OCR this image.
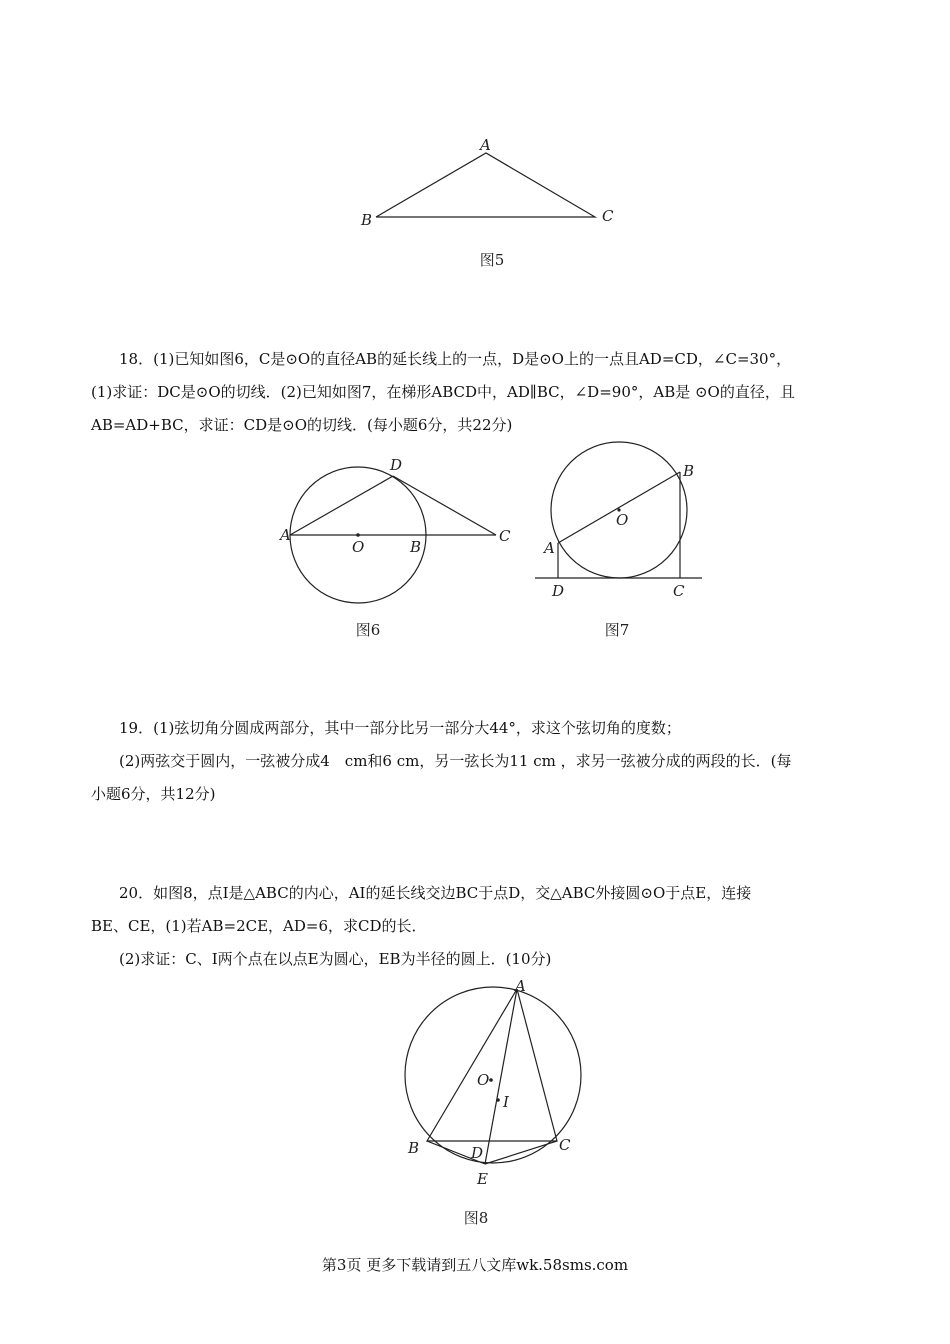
A
B	C
图5
18．(1)已知如图6，C是⊙O的直径AB的延长线上的一点，D是⊙O上的一点且AD=CD，∠C=30°，
(1)求证：DC是⊙O的切线．(2)已知如图7，在梯形ABCD中，AD∥BC，∠D=90°，AB是 ⊙O的直径，且
AB=AD+BC，求证：CD是⊙O的切线．(每小题6分，共22分)
D
A
O	B
C
图6
B
O
A
D	C
图7
19．(1)弦切角分圆成两部分，其中一部分比另一部分大44°，求这个弦切角的度数；
(2)两弦交于圆内，一弦被分成4　cm和6 cm，另一弦长为11 cm ，求另一弦被分成的两段的长．(每
小题6分，共12分)
20．如图8，点I是△ABC的内心，AI的延长线交边BC于点D，交△ABC外接圆⊙O于点E，连接
BE、CE，(1)若AB=2CE，AD=6，求CD的长．
(2)求证：C、I两个点在以点E为圆心，EB为半径的圆上．(10分)
A
O
I
B	D	C
E
图8
第3页 更多下载请到五八文库wk.58sms.com
